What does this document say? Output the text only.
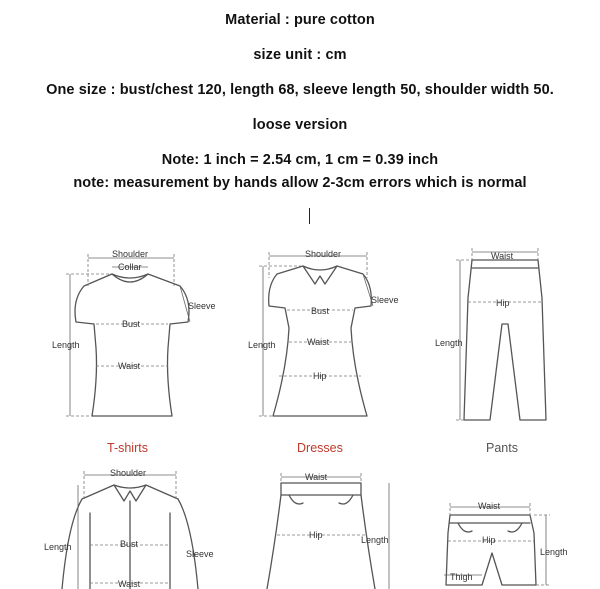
Material : pure cotton
size unit : cm
One size : bust/chest 120, length 68, sleeve length 50, shoulder width 50.
loose version
Note: 1 inch = 2.54 cm, 1 cm = 0.39 inch
note: measurement by hands allow 2-3cm errors which is normal
Shoulder
Collar
Sleeve
Bust
Length
Waist
T-shirts
Shoulder
Sleeve
Bust
Length	Waist
Hip
Dresses
Waist
Hip
Length
Pants
Shoulder
Length	Bust
Sleeve
Waist
Waist
Hip	Length
Waist
Hip
Length
Thigh
